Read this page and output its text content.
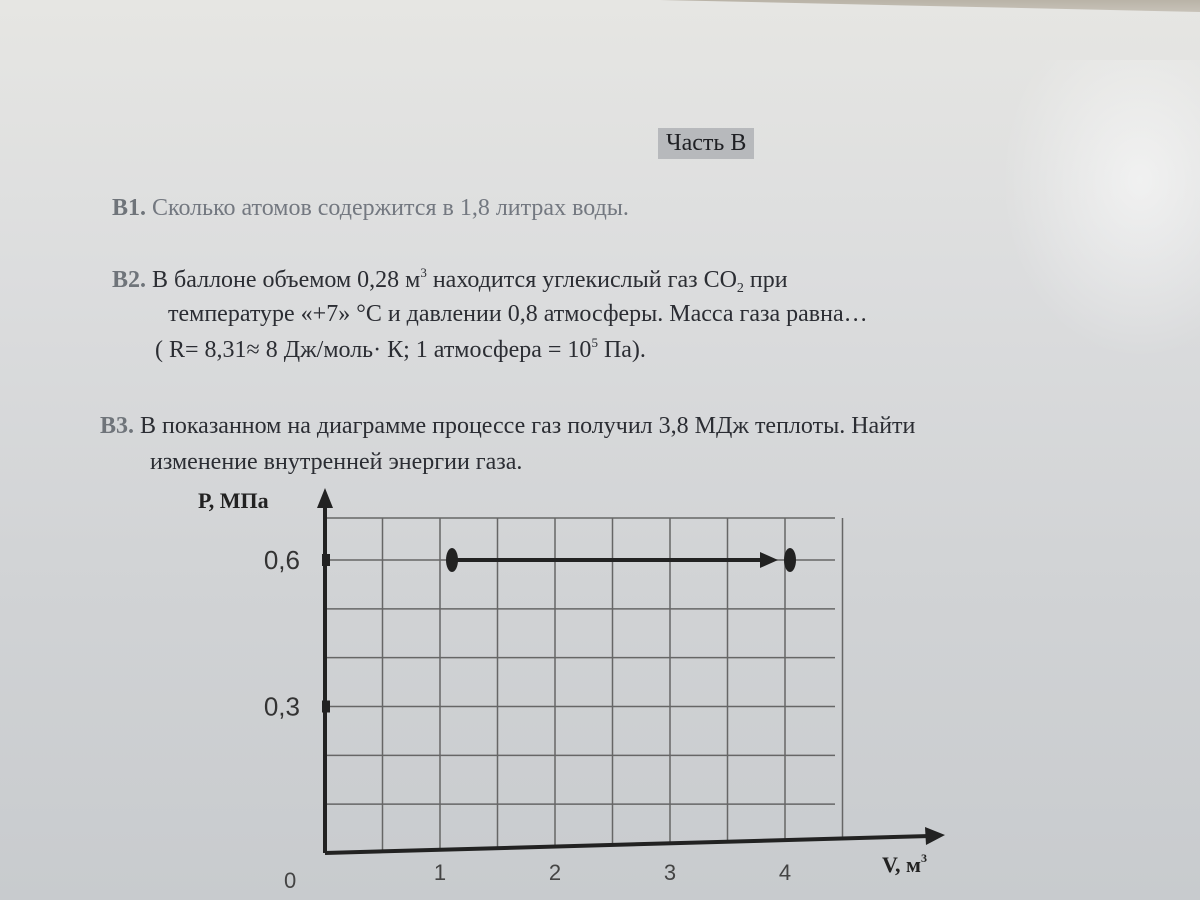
Часть В
В1. Сколько атомов содержится в 1,8 литрах воды.
В2. В баллоне объемом 0,28 $м^3$ находится углекислый газ $СО_2$ при
температуре «+7» °С и давлении 0,8 атмосферы. Масса газа равна…
( R= 8,31≈ 8 Дж/моль· К; 1 атмосфера = $10^5$ Па).
В3. В показанном на диаграмме процессе газ получил 3,8 МДж теплоты. Найти
изменение внутренней энергии газа.
1	2	3	4
0,3
0,6
Р, МПа
V, $м^3$
0
